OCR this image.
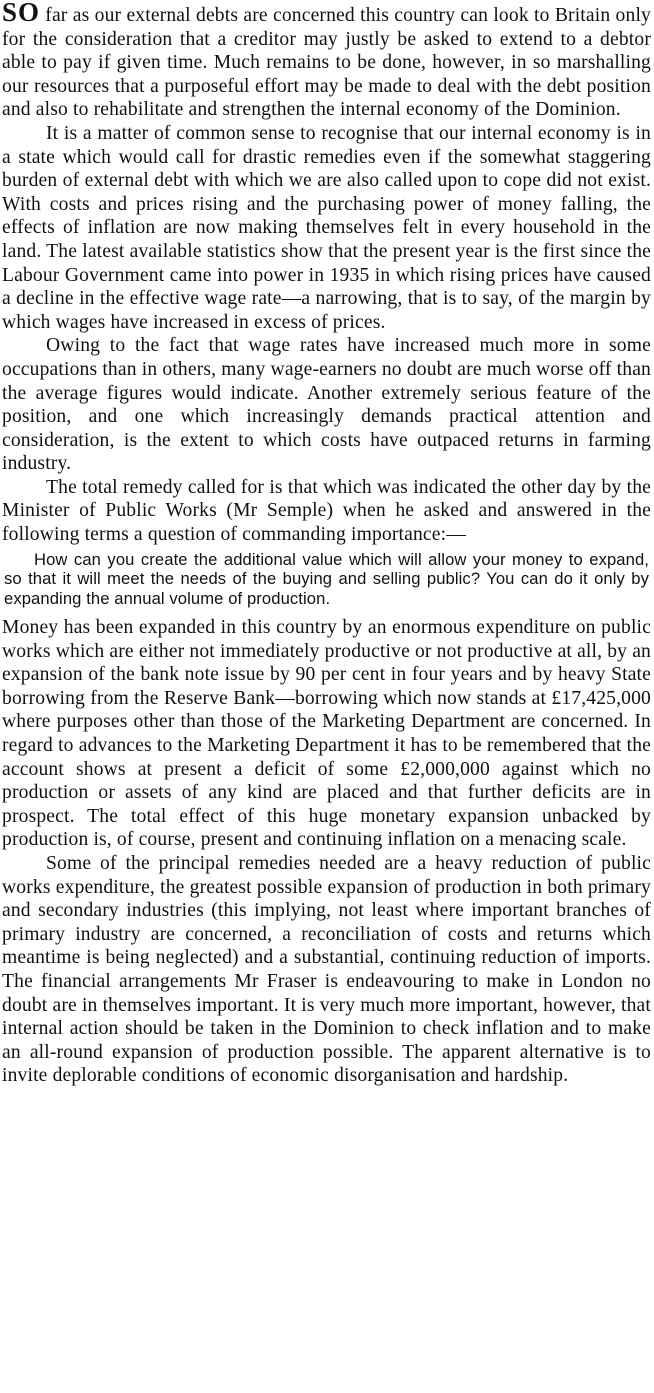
SO far as our external debts are concerned this country can look to Britain only for the consideration that a creditor may justly be asked to extend to a debtor able to pay if given time. Much remains to be done, however, in so marshalling our resources that a purposeful effort may be made to deal with the debt position and also to rehabilitate and strengthen the internal economy of the Dominion.

It is a matter of common sense to recognise that our internal economy is in a state which would call for drastic remedies even if the somewhat staggering burden of external debt with which we are also called upon to cope did not exist. With costs and prices rising and the purchasing power of money falling, the effects of inflation are now making themselves felt in every household in the land. The latest available statistics show that the present year is the first since the Labour Government came into power in 1935 in which rising prices have caused a decline in the effective wage rate—a narrowing, that is to say, of the margin by which wages have increased in excess of prices.

Owing to the fact that wage rates have increased much more in some occupations than in others, many wage-earners no doubt are much worse off than the average figures would indicate. Another extremely serious feature of the position, and one which increasingly demands practical attention and consideration, is the extent to which costs have outpaced returns in farming industry.

The total remedy called for is that which was indicated the other day by the Minister of Public Works (Mr Semple) when he asked and answered in the following terms a question of commanding importance:—

How can you create the additional value which will allow your money to expand, so that it will meet the needs of the buying and selling public? You can do it only by expanding the annual volume of production.

Money has been expanded in this country by an enormous expenditure on public works which are either not immediately productive or not productive at all, by an expansion of the bank note issue by 90 per cent in four years and by heavy State borrowing from the Reserve Bank—borrowing which now stands at £17,425,000 where purposes other than those of the Marketing Department are concerned. In regard to advances to the Marketing Department it has to be remembered that the account shows at present a deficit of some £2,000,000 against which no production or assets of any kind are placed and that further deficits are in prospect. The total effect of this huge monetary expansion unbacked by production is, of course, present and continuing inflation on a menacing scale.

Some of the principal remedies needed are a heavy reduction of public works expenditure, the greatest possible expansion of production in both primary and secondary industries (this implying, not least where important branches of primary industry are concerned, a reconciliation of costs and returns which meantime is being neglected) and a substantial, continuing reduction of imports. The financial arrangements Mr Fraser is endeavouring to make in London no doubt are in themselves important. It is very much more important, however, that internal action should be taken in the Dominion to check inflation and to make an all-round expansion of production possible. The apparent alternative is to invite deplorable conditions of economic disorganisation and hardship.
